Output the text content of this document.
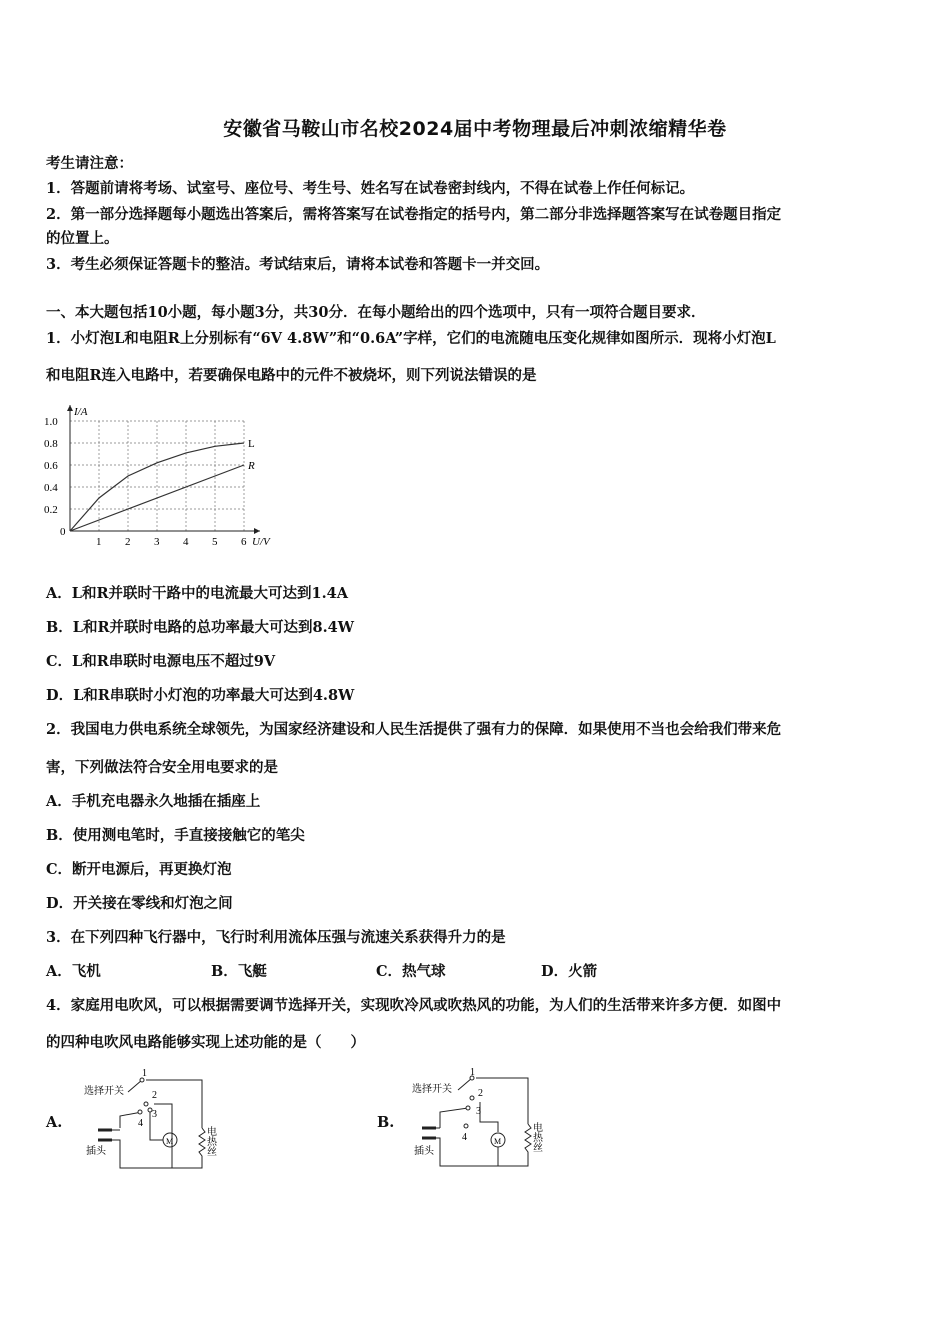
安徽省马鞍山市名校2024届中考物理最后冲刺浓缩精华卷
考生请注意：
1．答题前请将考场、试室号、座位号、考生号、姓名写在试卷密封线内，不得在试卷上作任何标记。
2．第一部分选择题每小题选出答案后，需将答案写在试卷指定的括号内，第二部分非选择题答案写在试卷题目指定
的位置上。
3．考生必须保证答题卡的整洁。考试结束后，请将本试卷和答题卡一并交回。
一、本大题包括10小题，每小题3分，共30分．在每小题给出的四个选项中，只有一项符合题目要求．
1．小灯泡L和电阻R上分别标有“6V 4.8W”和“0.6A”字样，它们的电流随电压变化规律如图所示．现将小灯泡L
和电阻R连入电路中，若要确保电路中的元件不被烧坏，则下列说法错误的是
1 2 3 4 5 6
1.0
0.8
0.6
0.4
0.2
0
I/A
U/V
L
R
A．L和R并联时干路中的电流最大可达到1.4A
B．L和R并联时电路的总功率最大可达到8.4W
C．L和R串联时电源电压不超过9V
D．L和R串联时小灯泡的功率最大可达到4.8W
2．我国电力供电系统全球领先，为国家经济建设和人民生活提供了强有力的保障．如果使用不当也会给我们带来危
害，下列做法符合安全用电要求的是
A．手机充电器永久地插在插座上
B．使用测电笔时，手直接接触它的笔尖
C．断开电源后，再更换灯泡
D．开关接在零线和灯泡之间
3．在下列四种飞行器中，飞行时利用流体压强与流速关系获得升力的是
A．飞机	B．飞艇	C．热气球	D．火箭
4．家庭用电吹风，可以根据需要调节选择开关，实现吹冷风或吹热风的功能，为人们的生活带来许多方便．如图中
的四种电吹风电路能够实现上述功能的是（　　）
A.
1
2
3
4
选择开关
插头
M	电热丝
B.
1
2
3
4
选择开关
插头
M	电热丝
